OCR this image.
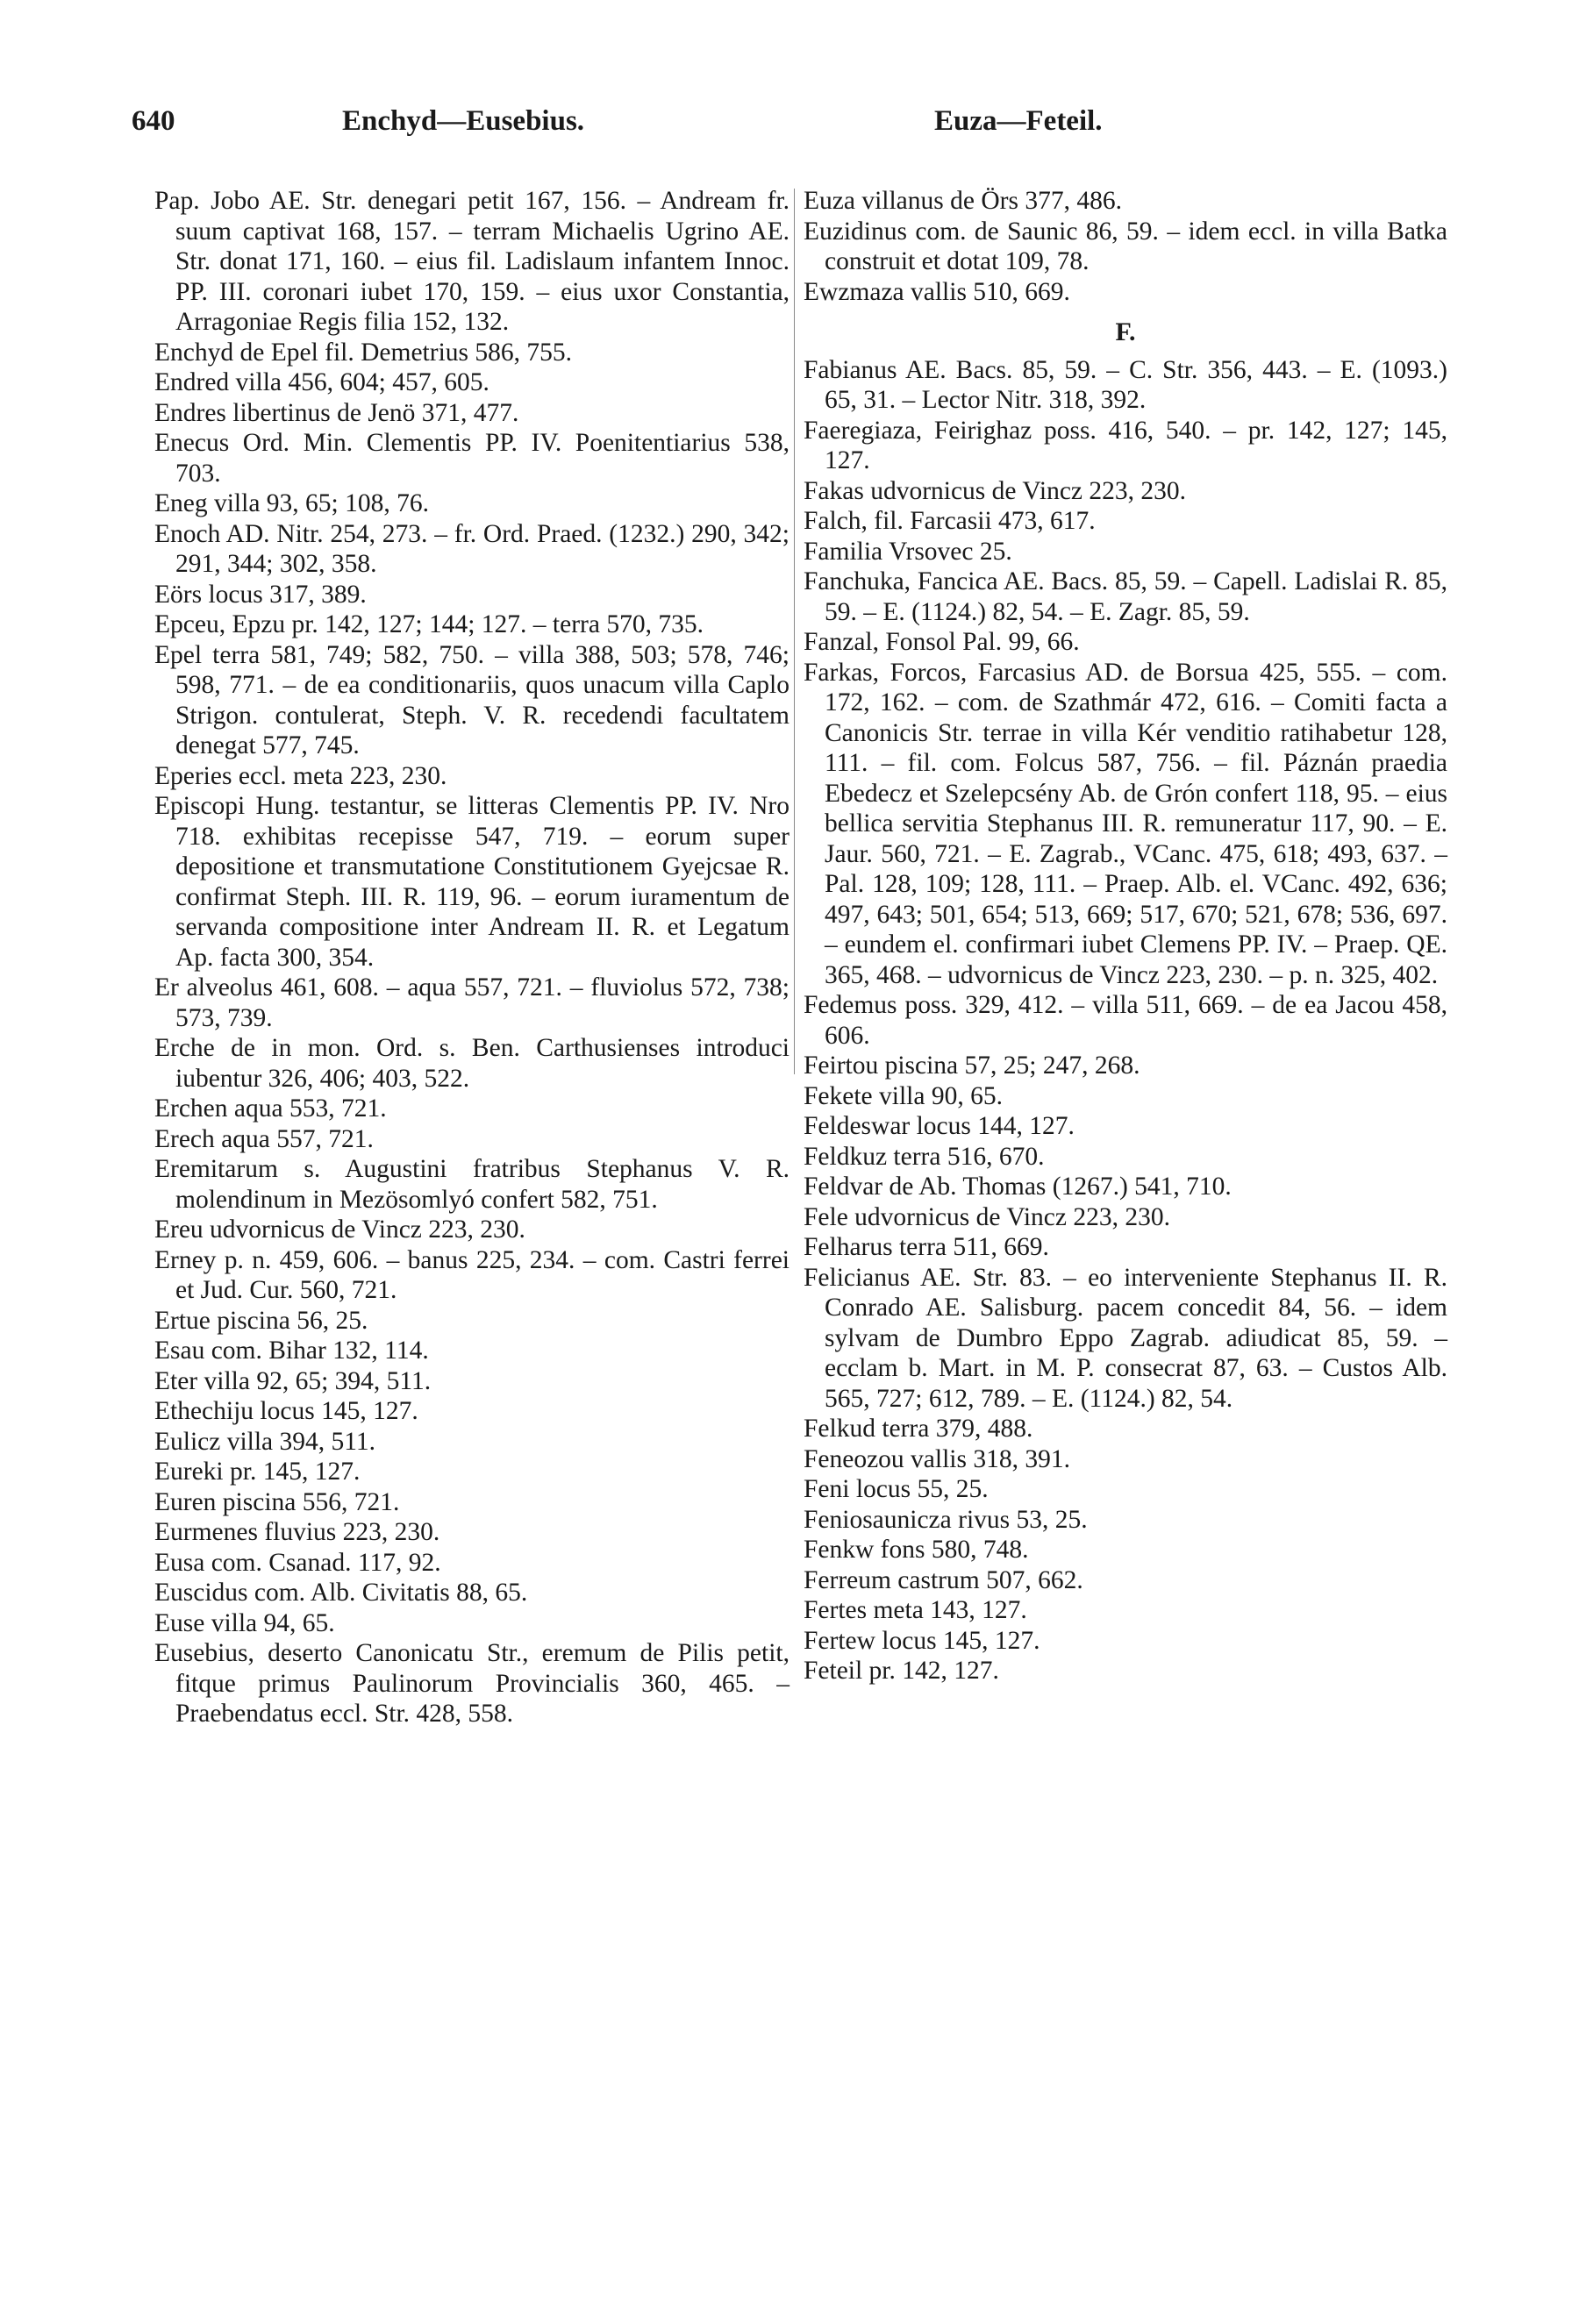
640	Enchyd—Eusebius.	Euza—Feteil.

Pap. Jobo AE. Str. denegari petit 167, 156. – Andream fr. suum captivat 168, 157. – terram Michaelis Ugrino AE. Str. donat 171, 160. – eius fil. Ladislaum infantem Innoc. PP. III. coronari iubet 170, 159. – eius uxor Constantia, Arragoniae Regis filia 152, 132.

Enchyd de Epel fil. Demetrius 586, 755.

Endred villa 456, 604; 457, 605.

Endres libertinus de Jenö 371, 477.

Enecus Ord. Min. Clementis PP. IV. Poenitentiarius 538, 703.

Eneg villa 93, 65; 108, 76.

Enoch AD. Nitr. 254, 273. – fr. Ord. Praed. (1232.) 290, 342; 291, 344; 302, 358.

Eörs locus 317, 389.

Epceu, Epzu pr. 142, 127; 144; 127. – terra 570, 735.

Epel terra 581, 749; 582, 750. – villa 388, 503; 578, 746; 598, 771. – de ea conditionariis, quos unacum villa Caplo Strigon. contulerat, Steph. V. R. recedendi facultatem denegat 577, 745.

Eperies eccl. meta 223, 230.

Episcopi Hung. testantur, se litteras Clementis PP. IV. Nro 718. exhibitas recepisse 547, 719. – eorum super depositione et transmutatione Constitutionem Gyejcsae R. confirmat Steph. III. R. 119, 96. – eorum iuramentum de servanda compositione inter Andream II. R. et Legatum Ap. facta 300, 354.

Er alveolus 461, 608. – aqua 557, 721. – fluviolus 572, 738; 573, 739.

Erche de in mon. Ord. s. Ben. Carthusienses introduci iubentur 326, 406; 403, 522.

Erchen aqua 553, 721.

Erech aqua 557, 721.

Eremitarum s. Augustini fratribus Stephanus V. R. molendinum in Mezösomlyó confert 582, 751.

Ereu udvornicus de Vincz 223, 230.

Erney p. n. 459, 606. – banus 225, 234. – com. Castri ferrei et Jud. Cur. 560, 721.

Ertue piscina 56, 25.

Esau com. Bihar 132, 114.

Eter villa 92, 65; 394, 511.

Ethechiju locus 145, 127.

Eulicz villa 394, 511.

Eureki pr. 145, 127.

Euren piscina 556, 721.

Eurmenes fluvius 223, 230.

Eusa com. Csanad. 117, 92.

Euscidus com. Alb. Civitatis 88, 65.

Euse villa 94, 65.

Eusebius, deserto Canonicatu Str., eremum de Pilis petit, fitque primus Paulinorum Provincialis 360, 465. – Praebendatus eccl. Str. 428, 558.

Euza villanus de Örs 377, 486.

Euzidinus com. de Saunic 86, 59. – idem eccl. in villa Batka construit et dotat 109, 78.

Ewzmaza vallis 510, 669.

F.

Fabianus AE. Bacs. 85, 59. – C. Str. 356, 443. – E. (1093.) 65, 31. – Lector Nitr. 318, 392.

Faeregiaza, Feirighaz poss. 416, 540. – pr. 142, 127; 145, 127.

Fakas udvornicus de Vincz 223, 230.

Falch, fil. Farcasii 473, 617.

Familia Vrsovec 25.

Fanchuka, Fancica AE. Bacs. 85, 59. – Capell. Ladislai R. 85, 59. – E. (1124.) 82, 54. – E. Zagr. 85, 59.

Fanzal, Fonsol Pal. 99, 66.

Farkas, Forcos, Farcasius AD. de Borsua 425, 555. – com. 172, 162. – com. de Szathmár 472, 616. – Comiti facta a Canonicis Str. terrae in villa Kér venditio ratihabetur 128, 111. – fil. com. Folcus 587, 756. – fil. Páznán praedia Ebedecz et Szelepcsény Ab. de Grón confert 118, 95. – eius bellica servitia Stephanus III. R. remuneratur 117, 90. – E. Jaur. 560, 721. – E. Zagrab., VCanc. 475, 618; 493, 637. – Pal. 128, 109; 128, 111. – Praep. Alb. el. VCanc. 492, 636; 497, 643; 501, 654; 513, 669; 517, 670; 521, 678; 536, 697. – eundem el. confirmari iubet Clemens PP. IV. – Praep. QE. 365, 468. – udvornicus de Vincz 223, 230. – p. n. 325, 402.

Fedemus poss. 329, 412. – villa 511, 669. – de ea Jacou 458, 606.

Feirtou piscina 57, 25; 247, 268.

Fekete villa 90, 65.

Feldeswar locus 144, 127.

Feldkuz terra 516, 670.

Feldvar de Ab. Thomas (1267.) 541, 710.

Fele udvornicus de Vincz 223, 230.

Felharus terra 511, 669.

Felicianus AE. Str. 83. – eo interveniente Stephanus II. R. Conrado AE. Salisburg. pacem concedit 84, 56. – idem sylvam de Dumbro Eppo Zagrab. adiudicat 85, 59. – ecclam b. Mart. in M. P. consecrat 87, 63. – Custos Alb. 565, 727; 612, 789. – E. (1124.) 82, 54.

Felkud terra 379, 488.

Feneozou vallis 318, 391.

Feni locus 55, 25.

Feniosaunicza rivus 53, 25.

Fenkw fons 580, 748.

Ferreum castrum 507, 662.

Fertes meta 143, 127.

Fertew locus 145, 127.

Feteil pr. 142, 127.
